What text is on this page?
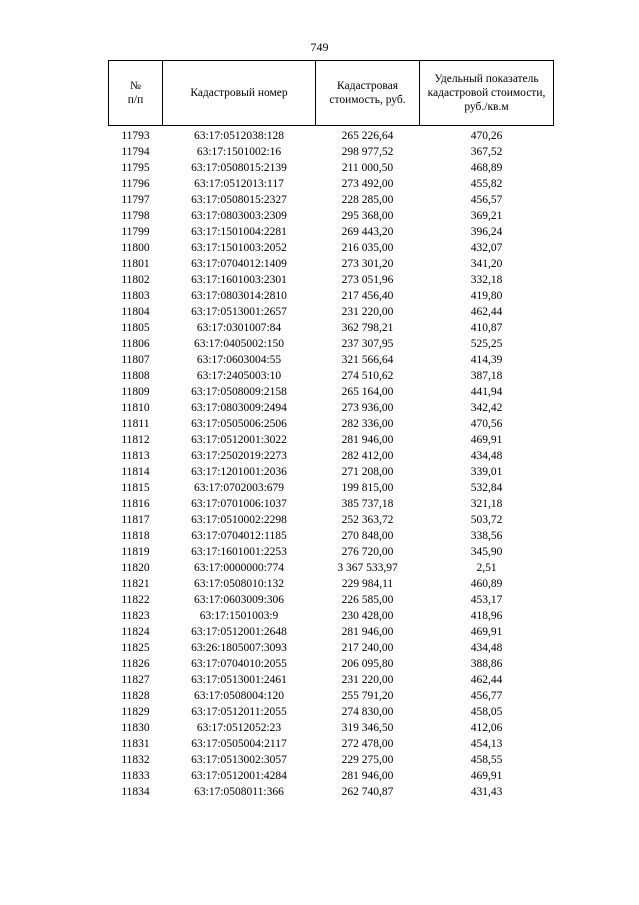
749
№
п/п	Кадастровый номер	Кадастровая стоимость, руб.	Удельный показатель кадастровой стоимости, руб./кв.м
11793	63:17:0512038:128	265 226,64	470,26
11794	63:17:1501002:16	298 977,52	367,52
11795	63:17:0508015:2139	211 000,50	468,89
11796	63:17:0512013:117	273 492,00	455,82
11797	63:17:0508015:2327	228 285,00	456,57
11798	63:17:0803003:2309	295 368,00	369,21
11799	63:17:1501004:2281	269 443,20	396,24
11800	63:17:1501003:2052	216 035,00	432,07
11801	63:17:0704012:1409	273 301,20	341,20
11802	63:17:1601003:2301	273 051,96	332,18
11803	63:17:0803014:2810	217 456,40	419,80
11804	63:17:0513001:2657	231 220,00	462,44
11805	63:17:0301007:84	362 798,21	410,87
11806	63:17:0405002:150	237 307,95	525,25
11807	63:17:0603004:55	321 566,64	414,39
11808	63:17:2405003:10	274 510,62	387,18
11809	63:17:0508009:2158	265 164,00	441,94
11810	63:17:0803009:2494	273 936,00	342,42
11811	63:17:0505006:2506	282 336,00	470,56
11812	63:17:0512001:3022	281 946,00	469,91
11813	63:17:2502019:2273	282 412,00	434,48
11814	63:17:1201001:2036	271 208,00	339,01
11815	63:17:0702003:679	199 815,00	532,84
11816	63:17:0701006:1037	385 737,18	321,18
11817	63:17:0510002:2298	252 363,72	503,72
11818	63:17:0704012:1185	270 848,00	338,56
11819	63:17:1601001:2253	276 720,00	345,90
11820	63:17:0000000:774	3 367 533,97	2,51
11821	63:17:0508010:132	229 984,11	460,89
11822	63:17:0603009:306	226 585,00	453,17
11823	63:17:1501003:9	230 428,00	418,96
11824	63:17:0512001:2648	281 946,00	469,91
11825	63:26:1805007:3093	217 240,00	434,48
11826	63:17:0704010:2055	206 095,80	388,86
11827	63:17:0513001:2461	231 220,00	462,44
11828	63:17:0508004:120	255 791,20	456,77
11829	63:17:0512011:2055	274 830,00	458,05
11830	63:17:0512052:23	319 346,50	412,06
11831	63:17:0505004:2117	272 478,00	454,13
11832	63:17:0513002:3057	229 275,00	458,55
11833	63:17:0512001:4284	281 946,00	469,91
11834	63:17:0508011:366	262 740,87	431,43
